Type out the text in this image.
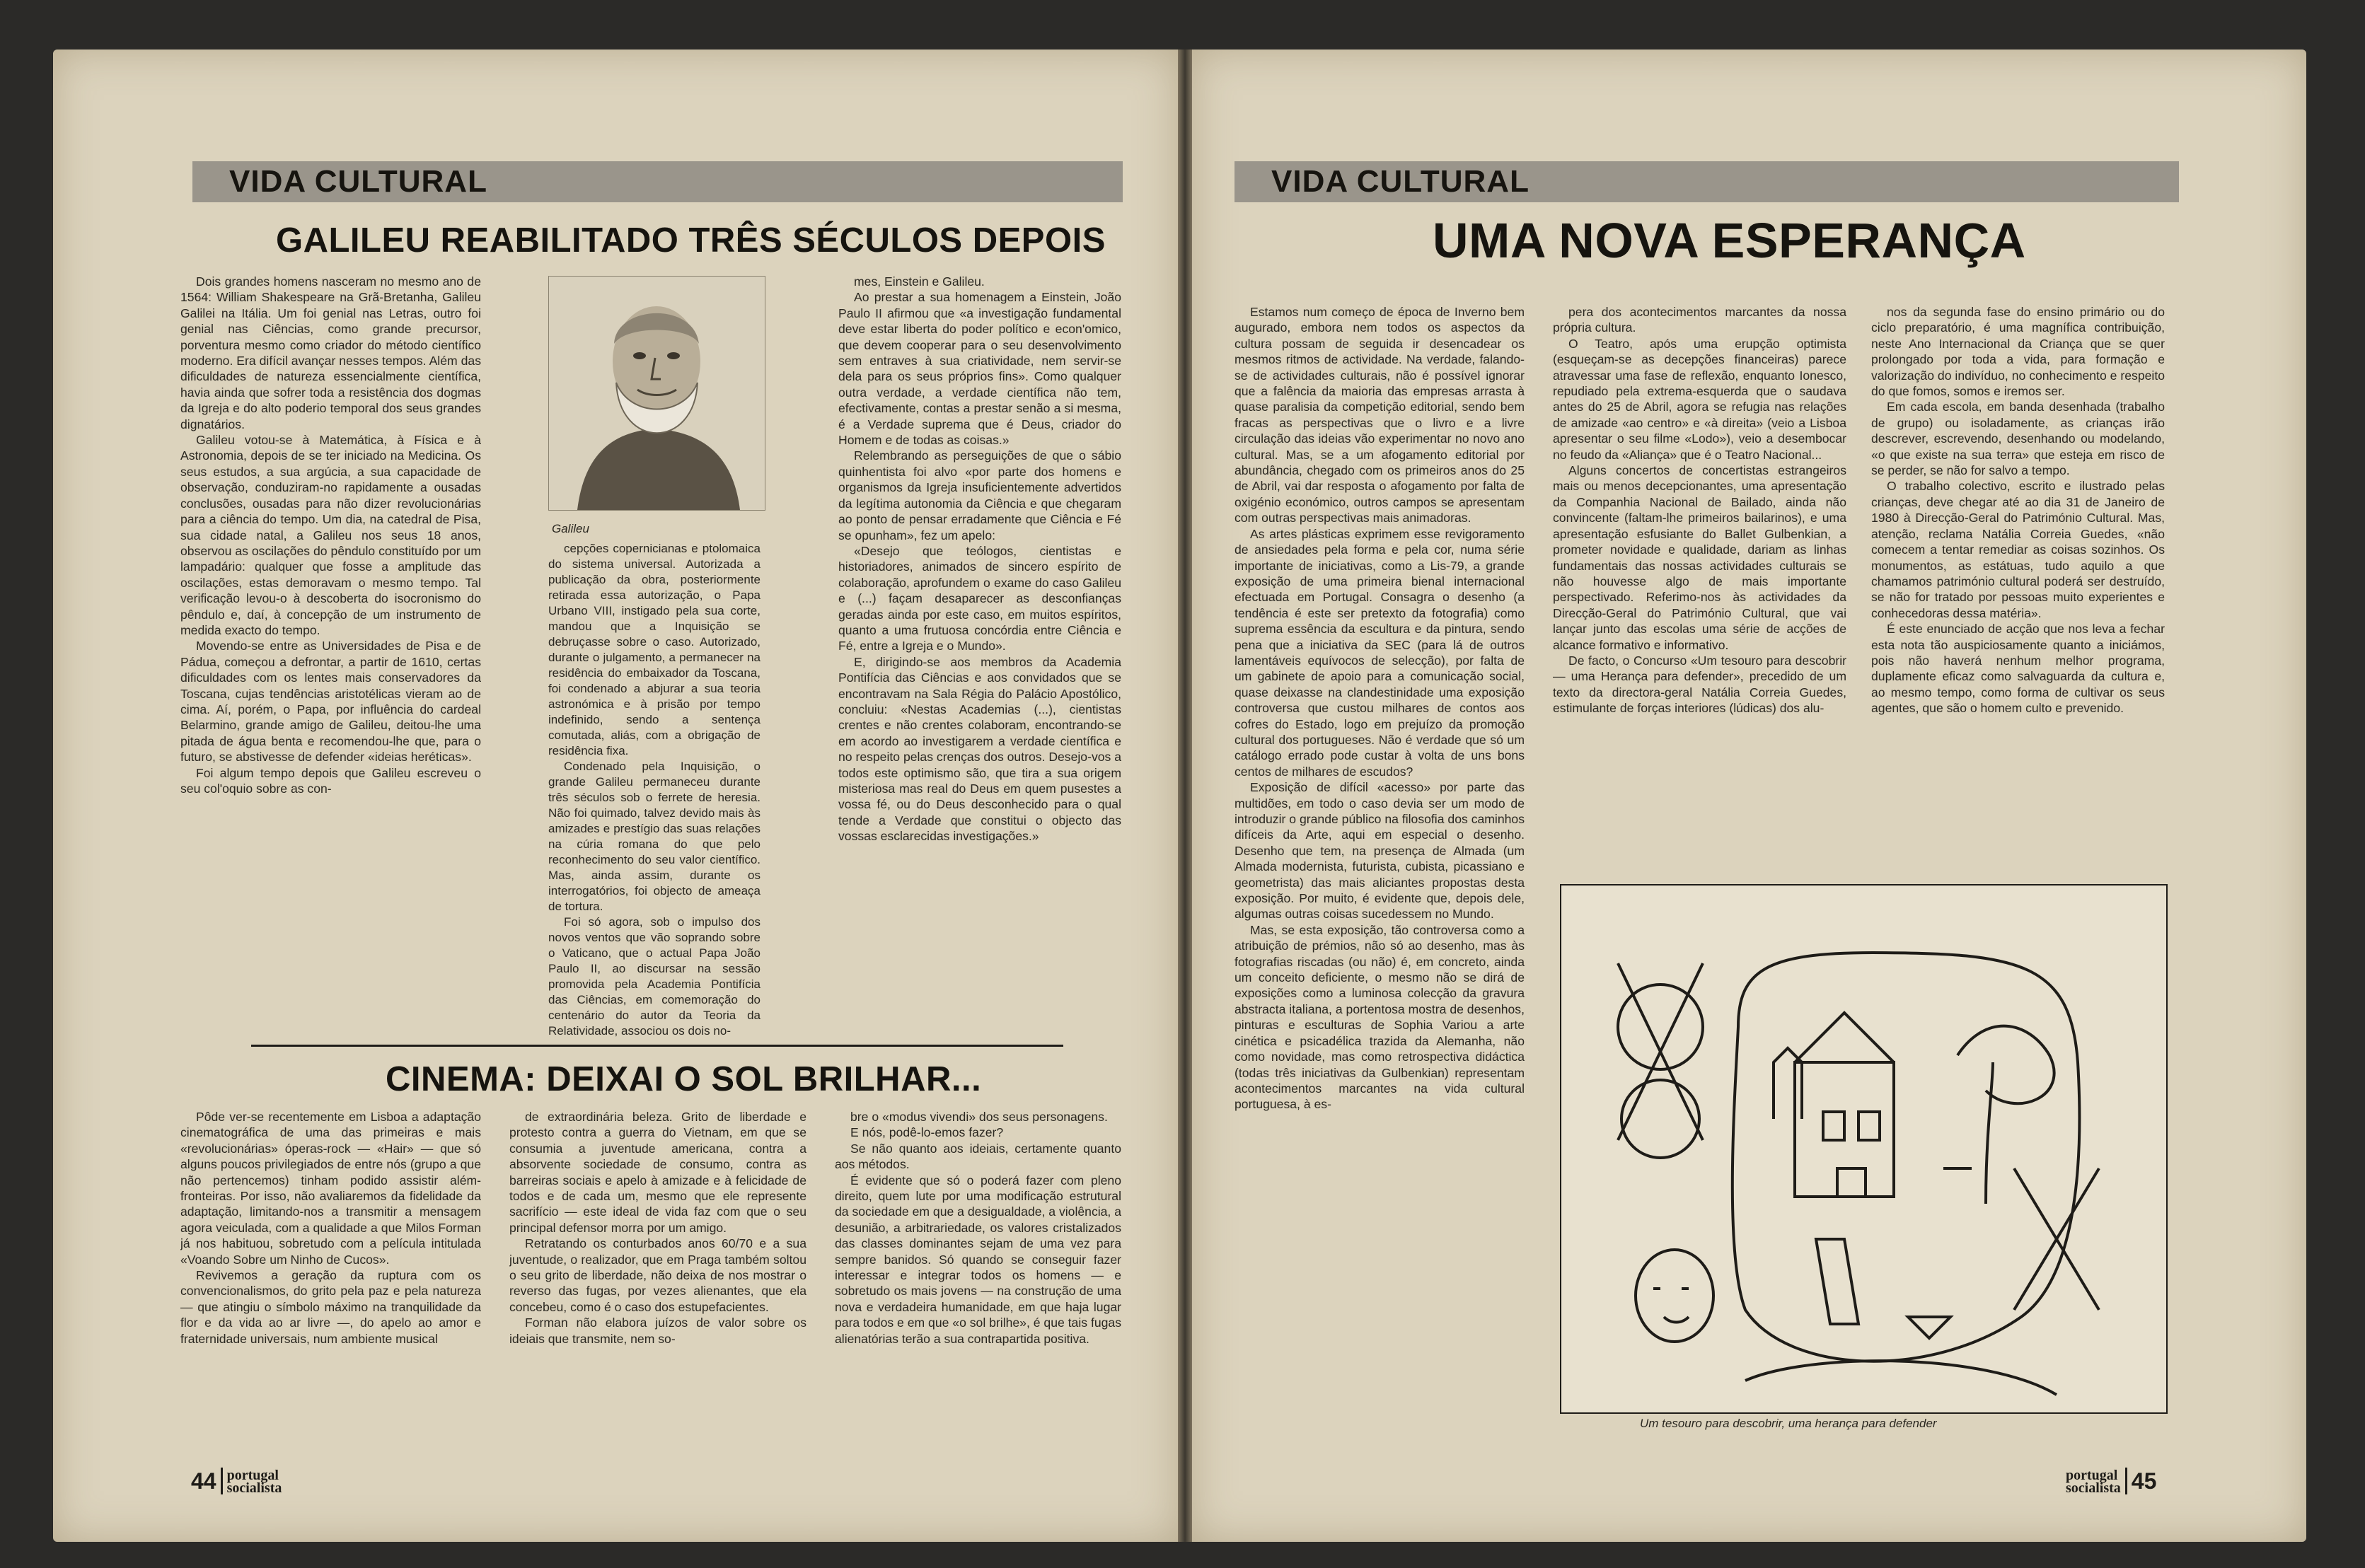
VIDA CULTURAL
GALILEU REABILITADO TRÊS SÉCULOS DEPOIS
Galileu

Dois grandes homens nasceram no mesmo ano de 1564: William Shakespeare na Grã-Bretanha, Galileu Galilei na Itália. Um foi genial nas Letras, outro foi genial nas Ciências, como grande precursor, porventura mesmo como criador do método científico moderno. Era difícil avançar nesses tempos. Além das dificuldades de natureza essencialmente científica, havia ainda que sofrer toda a resistência dos dogmas da Igreja e do alto poderio temporal dos seus grandes dignatários.

Galileu votou-se à Matemática, à Física e à Astronomia, depois de se ter iniciado na Medicina. Os seus estudos, a sua argúcia, a sua capacidade de observação, conduziram-no rapidamente a ousadas conclusões, ousadas para não dizer revolucionárias para a ciência do tempo. Um dia, na catedral de Pisa, sua cidade natal, a Galileu nos seus 18 anos, observou as oscilações do pêndulo constituído por um lampadário: qualquer que fosse a amplitude das oscilações, estas demoravam o mesmo tempo. Tal verificação levou-o à descoberta do isocronismo do pêndulo e, daí, à concepção de um instrumento de medida exacto do tempo.

Movendo-se entre as Universidades de Pisa e de Pádua, começou a defrontar, a partir de 1610, certas dificuldades com os lentes mais conservadores da Toscana, cujas tendências aristotélicas vieram ao de cima. Aí, porém, o Papa, por influência do cardeal Belarmino, grande amigo de Galileu, deitou-lhe uma pitada de água benta e recomendou-lhe que, para o futuro, se abstivesse de defender «ideias heréticas».

Foi algum tempo depois que Galileu escreveu o seu col'oquio sobre as con-

cepções copernicianas e ptolomaica do sistema universal. Autorizada a publicação da obra, posteriormente retirada essa autorização, o Papa Urbano VIII, instigado pela sua corte, mandou que a Inquisição se debruçasse sobre o caso. Autorizado, durante o julgamento, a permanecer na residência do embaixador da Toscana, foi condenado a abjurar a sua teoria astronómica e à prisão por tempo indefinido, sendo a sentença comutada, aliás, com a obrigação de residência fixa.

Condenado pela Inquisição, o grande Galileu permaneceu durante três séculos sob o ferrete de heresia. Não foi quimado, talvez devido mais às amizades e prestígio das suas relações na cúria romana do que pelo reconhecimento do seu valor científico. Mas, ainda assim, durante os interrogatórios, foi objecto de ameaça de tortura.

Foi só agora, sob o impulso dos novos ventos que vão soprando sobre o Vaticano, que o actual Papa João Paulo II, ao discursar na sessão promovida pela Academia Pontifícia das Ciências, em comemoração do centenário do autor da Teoria da Relatividade, associou os dois no-

mes, Einstein e Galileu.

Ao prestar a sua homenagem a Einstein, João Paulo II afirmou que «a investigação fundamental deve estar liberta do poder político e econ'omico, que devem cooperar para o seu desenvolvimento sem entraves à sua criatividade, nem servir-se dela para os seus próprios fins». Como qualquer outra verdade, a verdade científica não tem, efectivamente, contas a prestar senão a si mesma, é a Verdade suprema que é Deus, criador do Homem e de todas as coisas.»

Relembrando as perseguições de que o sábio quinhentista foi alvo «por parte dos homens e organismos da Igreja insuficientemente advertidos da legítima autonomia da Ciência e que chegaram ao ponto de pensar erradamente que Ciência e Fé se opunham», fez um apelo:

«Desejo que teólogos, cientistas e historiadores, animados de sincero espírito de colaboração, aprofundem o exame do caso Galileu e (...) façam desaparecer as desconfianças geradas ainda por este caso, em muitos espíritos, quanto a uma frutuosa concórdia entre Ciência e Fé, entre a Igreja e o Mundo».

E, dirigindo-se aos membros da Academia Pontifícia das Ciências e aos convidados que se encontravam na Sala Régia do Palácio Apostólico, concluiu: «Nestas Academias (...), cientistas crentes e não crentes colaboram, encontrando-se em acordo ao investigarem a verdade científica e no respeito pelas crenças dos outros. Desejo-vos a todos este optimismo são, que tira a sua origem misteriosa mas real do Deus em quem pusestes a vossa fé, ou do Deus desconhecido para o qual tende a Verdade que constitui o objecto das vossas esclarecidas investigações.»

CINEMA: DEIXAI O SOL BRILHAR...

Pôde ver-se recentemente em Lisboa a adaptação cinematográfica de uma das primeiras e mais «revolucionárias» óperas-rock — «Hair» — que só alguns poucos privilegiados de entre nós (grupo a que não pertencemos) tinham podido assistir além-fronteiras. Por isso, não avaliaremos da fidelidade da adaptação, limitando-nos a transmitir a mensagem agora veiculada, com a qualidade a que Milos Forman já nos habituou, sobretudo com a película intitulada «Voando Sobre um Ninho de Cucos».

Revivemos a geração da ruptura com os convencionalismos, do grito pela paz e pela natureza — que atingiu o símbolo máximo na tranquilidade da flor e da vida ao ar livre —, do apelo ao amor e fraternidade universais, num ambiente musical

de extraordinária beleza. Grito de liberdade e protesto contra a guerra do Vietnam, em que se consumia a juventude americana, contra a absorvente sociedade de consumo, contra as barreiras sociais e apelo à amizade e à felicidade de todos e de cada um, mesmo que ele represente sacrifício — este ideal de vida faz com que o seu principal defensor morra por um amigo.

Retratando os conturbados anos 60/70 e a sua juventude, o realizador, que em Praga também soltou o seu grito de liberdade, não deixa de nos mostrar o reverso das fugas, por vezes alienantes, que ela concebeu, como é o caso dos estupefacientes.

Forman não elabora juízos de valor sobre os ideiais que transmite, nem so-

bre o «modus vivendi» dos seus personagens.

E nós, podê-lo-emos fazer?

Se não quanto aos ideiais, certamente quanto aos métodos.

É evidente que só o poderá fazer com pleno direito, quem lute por uma modificação estrutural da sociedade em que a desigualdade, a violência, a desunião, a arbitrariedade, os valores cristalizados das classes dominantes sejam de uma vez para sempre banidos. Só quando se conseguir fazer interessar e integrar todos os homens — e sobretudo os mais jovens — na construção de uma nova e verdadeira humanidade, em que haja lugar para todos e em que «o sol brilhe», é que tais fugas alienatórias terão a sua contrapartida positiva.

44 portugal
socialista
VIDA CULTURAL
UMA NOVA ESPERANÇA

Estamos num começo de época de Inverno bem augurado, embora nem todos os aspectos da cultura possam de seguida ir desencadear os mesmos ritmos de actividade. Na verdade, falando-se de actividades culturais, não é possível ignorar que a falência da maioria das empresas arrasta à quase paralisia da competição editorial, sendo bem fracas as perspectivas que o livro e a livre circulação das ideias vão experimentar no novo ano cultural. Mas, se a um afogamento editorial por abundância, chegado com os primeiros anos do 25 de Abril, vai dar resposta o afogamento por falta de oxigénio económico, outros campos se apresentam com outras perspectivas mais animadoras.

As artes plásticas exprimem esse revigoramento de ansiedades pela forma e pela cor, numa série importante de iniciativas, como a Lis-79, a grande exposição de uma primeira bienal internacional efectuada em Portugal. Consagra o desenho (a tendência é este ser pretexto da fotografia) como suprema essência da escultura e da pintura, sendo pena que a iniciativa da SEC (para lá de outros lamentáveis equívocos de selecção), por falta de um gabinete de apoio para a comunicação social, quase deixasse na clandestinidade uma exposição controversa que custou milhares de contos aos cofres do Estado, logo em prejuízo da promoção cultural dos portugueses. Não é verdade que só um catálogo errado pode custar à volta de uns bons centos de milhares de escudos?

Exposição de difícil «acesso» por parte das multidões, em todo o caso devia ser um modo de introduzir o grande público na filosofia dos caminhos difíceis da Arte, aqui em especial o desenho. Desenho que tem, na presença de Almada (um Almada modernista, futurista, cubista, picassiano e geometrista) das mais aliciantes propostas desta exposição. Por muito, é evidente que, depois dele, algumas outras coisas sucedessem no Mundo.

Mas, se esta exposição, tão controversa como a atribuição de prémios, não só ao desenho, mas às fotografias riscadas (ou não) é, em concreto, ainda um conceito deficiente, o mesmo não se dirá de exposições como a luminosa colecção da gravura abstracta italiana, a portentosa mostra de desenhos, pinturas e esculturas de Sophia Variou a arte cinética e psicadélica trazida da Alemanha, não como novidade, mas como retrospectiva didáctica (todas três iniciativas da Gulbenkian) representam acontecimentos marcantes na vida cultural portuguesa, à es-

pera dos acontecimentos marcantes da nossa própria cultura.

O Teatro, após uma erupção optimista (esqueçam-se as decepções financeiras) parece atravessar uma fase de reflexão, enquanto Ionesco, repudiado pela extrema-esquerda que o saudava antes do 25 de Abril, agora se refugia nas relações de amizade «ao centro» e «à direita» (veio a Lisboa apresentar o seu filme «Lodo»), veio a desembocar no feudo da «Aliança» que é o Teatro Nacional...

Alguns concertos de concertistas estrangeiros mais ou menos decepcionantes, uma apresentação da Companhia Nacional de Bailado, ainda não convincente (faltam-lhe primeiros bailarinos), e uma apresentação esfusiante do Ballet Gulbenkian, a prometer novidade e qualidade, dariam as linhas fundamentais das nossas actividades culturais se não houvesse algo de mais importante perspectivado. Referimo-nos às actividades da Direcção-Geral do Património Cultural, que vai lançar junto das escolas uma série de acções de alcance formativo e informativo.

De facto, o Concurso «Um tesouro para descobrir — uma Herança para defender», precedido de um texto da directora-geral Natália Correia Guedes, estimulante de forças interiores (lúdicas) dos alu-

nos da segunda fase do ensino primário ou do ciclo preparatório, é uma magnífica contribuição, neste Ano Internacional da Criança que se quer prolongado por toda a vida, para formação e valorização do indivíduo, no conhecimento e respeito do que fomos, somos e iremos ser.

Em cada escola, em banda desenhada (trabalho de grupo) ou isoladamente, as crianças irão descrever, escrevendo, desenhando ou modelando, «o que existe na sua terra» que esteja em risco de se perder, se não for salvo a tempo.

O trabalho colectivo, escrito e ilustrado pelas crianças, deve chegar até ao dia 31 de Janeiro de 1980 à Direcção-Geral do Património Cultural. Mas, atenção, reclama Natália Correia Guedes, «não comecem a tentar remediar as coisas sozinhos. Os monumentos, as estátuas, tudo aquilo a que chamamos património cultural poderá ser destruído, se não for tratado por pessoas muito experientes e conhecedoras dessa matéria».

É este enunciado de acção que nos leva a fechar esta nota tão auspiciosamente quanto a iniciámos, pois não haverá nenhum melhor programa, duplamente eficaz como salvaguarda da cultura e, ao mesmo tempo, como forma de cultivar os seus agentes, que são o homem culto e prevenido.

Um tesouro para descobrir, uma herança para defender
portugal
socialista 45
